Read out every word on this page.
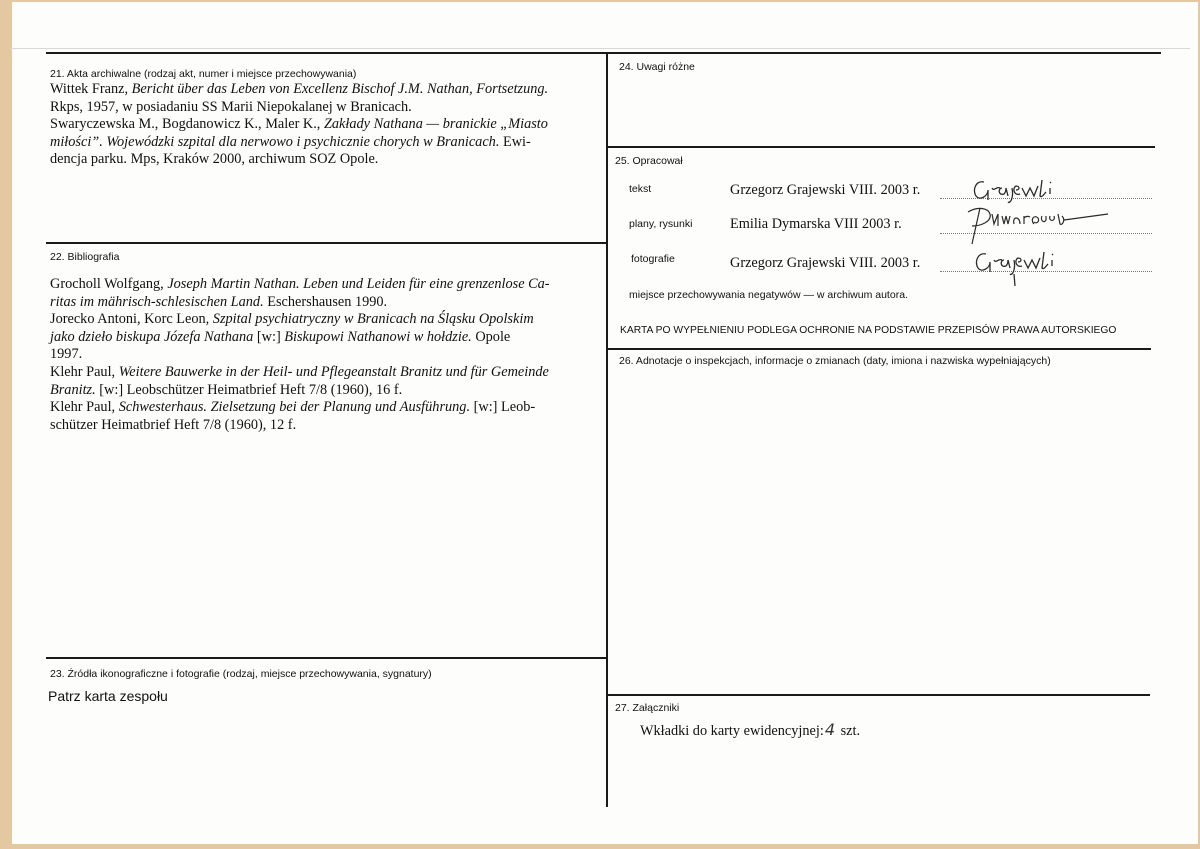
21. Akta archiwalne (rodzaj akt, numer i miejsce przechowywania)

Wittek Franz, Bericht über das Leben von Excellenz Bischof J.M. Nathan, Fortsetzung.

Rkps, 1957, w posiadaniu SS Marii Niepokalanej w Branicach.

Swaryczewska M., Bogdanowicz K., Maler K., Zakłady Nathana — branickie „Miasto

miłości”. Wojewódzki szpital dla nerwowo i psychicznie chorych w Branicach. Ewi-

dencja parku. Mps, Kraków 2000, archiwum SOZ Opole.

22. Bibliografia

Grocholl Wolfgang, Joseph Martin Nathan. Leben und Leiden für eine grenzenlose Ca-

ritas im mährisch-schlesischen Land. Eschershausen 1990.

Jorecko Antoni, Korc Leon, Szpital psychiatryczny w Branicach na Śląsku Opolskim

jako dzieło biskupa Józefa Nathana [w:] Biskupowi Nathanowi w hołdzie. Opole

1997.

Klehr Paul, Weitere Bauwerke in der Heil- und Pflegeanstalt Branitz und für Gemeinde

Branitz. [w:] Leobschützer Heimatbrief Heft 7/8 (1960), 16 f.

Klehr Paul, Schwesterhaus. Zielsetzung bei der Planung und Ausführung. [w:] Leob-

schützer Heimatbrief Heft 7/8 (1960), 12 f.

23. Źródła ikonograficzne i fotografie (rodzaj, miejsce przechowywania, sygnatury)
Patrz karta zespołu
24. Uwagi różne
25. Opracował
tekst	Grzegorz Grajewski VIII. 2003 r.
plany, rysunki	Emilia Dymarska VIII 2003 r.
fotografie	Grzegorz Grajewski VIII. 2003 r.
miejsce przechowywania negatywów — w archiwum autora.
KARTA PO WYPEŁNIENIU PODLEGA OCHRONIE NA PODSTAWIE PRZEPISÓW PRAWA AUTORSKIEGO
26. Adnotacje o inspekcjach, informacje o zmianach (daty, imiona i nazwiska wypełniających)
27. Załączniki
Wkładki do karty ewidencyjnej:4 szt.
